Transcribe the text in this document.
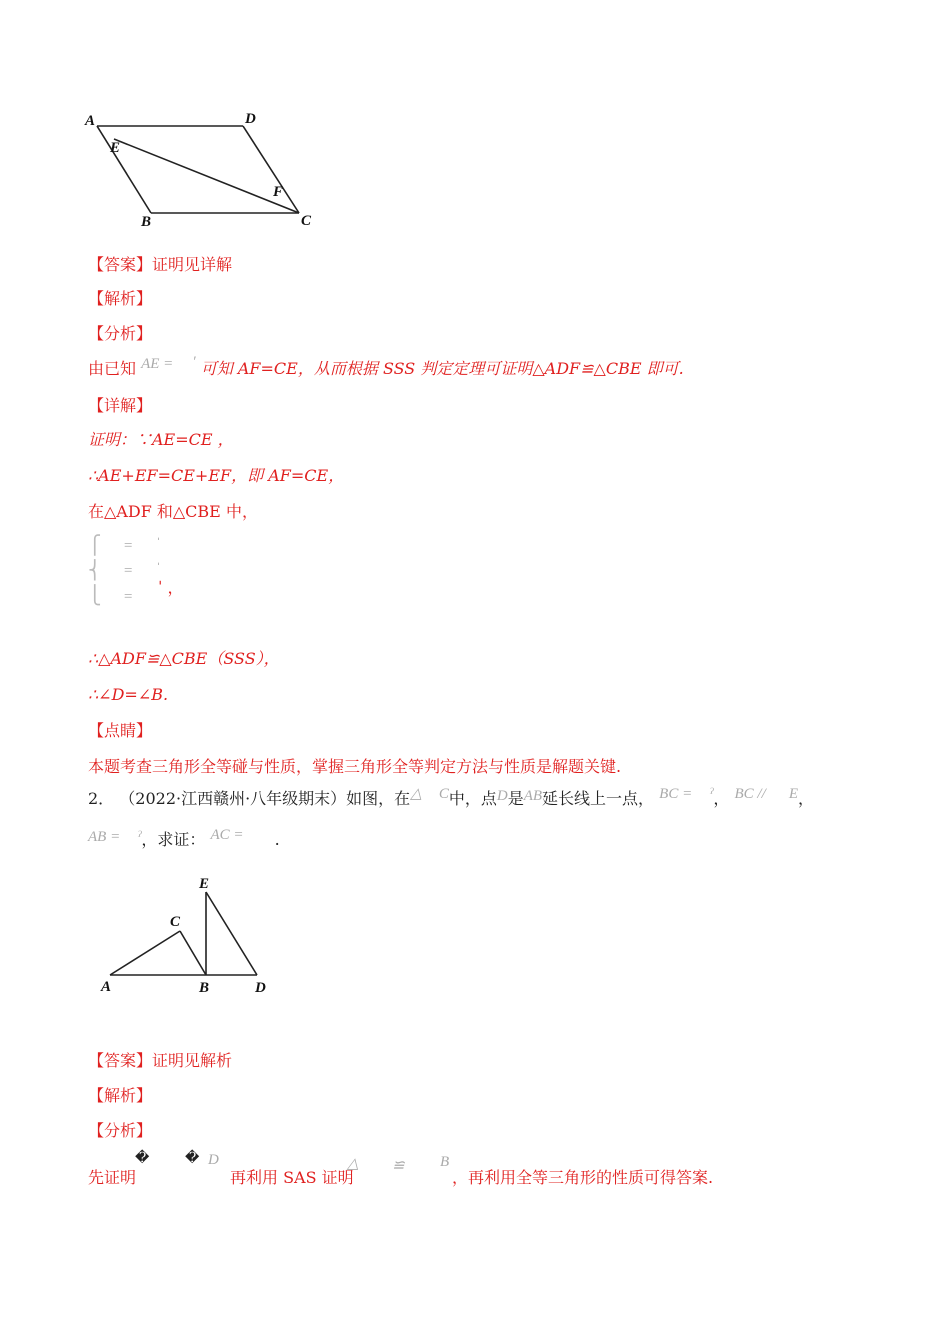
A	D
E
F
B	C
【答案】证明见详解
【解析】
【分析】
由已知 AE = ′ 可知 AF=CE，从而根据 SSS 判定定理可证明△ADF≌△CBE 即可.
【详解】
证明：∵AE=CE ，
∴AE+EF=CE+EF，即 AF=CE，
在△ADF 和△CBE 中，
⎧
⎨
⎩
=
=
=
ˈ
ˈ
ˈ ，
∴△ADF≌△CBE（SSS），
∴∠D=∠B.
【点睛】
本题考查三角形全等碰与性质，掌握三角形全等判定方法与性质是解题关键.
2． （2022·江西赣州·八年级期末）如图，在△ C中，点D是AB延长线上一点， BC = ˀ， BC // E，
AB = ˀ，求证： AC = .
E
C
A	B	D
【答案】证明见解析
【解析】
【分析】
先证明
�	� D
再利用 SAS 证明
△ ≌ B
，再利用全等三角形的性质可得答案.
